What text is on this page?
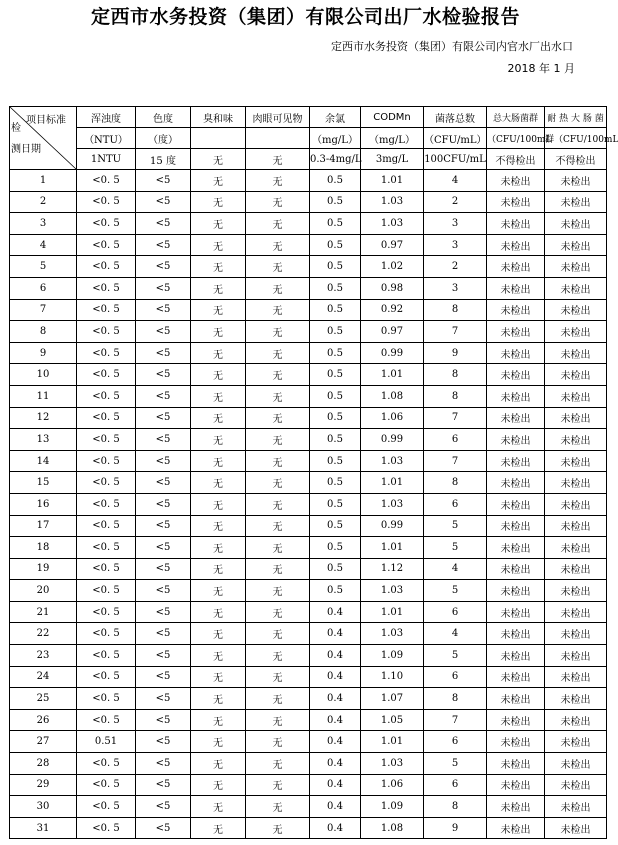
定西市水务投资（集团）有限公司出厂水检验报告
定西市水务投资（集团）有限公司内官水厂出水口
2018 年 1 月
项目标准
检
测日期	浑浊度	色度	臭和味	肉眼可见物	余氯	CODMn	菌落总数	总大肠菌群	耐 热 大 肠 菌
	（NTU）	（度）			（mg/L）	（mg/L）	（CFU/mL）	（CFU/100mL	群（CFU/100mL
	1NTU	15 度	无	无	0.3-4mg/L	3mg/L	100CFU/mL	不得检出	不得检出
1	<0. 5	<5	无	无	0.5	1.01	4	未检出	未检出
2	<0. 5	<5	无	无	0.5	1.03	2	未检出	未检出
3	<0. 5	<5	无	无	0.5	1.03	3	未检出	未检出
4	<0. 5	<5	无	无	0.5	0.97	3	未检出	未检出
5	<0. 5	<5	无	无	0.5	1.02	2	未检出	未检出
6	<0. 5	<5	无	无	0.5	0.98	3	未检出	未检出
7	<0. 5	<5	无	无	0.5	0.92	8	未检出	未检出
8	<0. 5	<5	无	无	0.5	0.97	7	未检出	未检出
9	<0. 5	<5	无	无	0.5	0.99	9	未检出	未检出
10	<0. 5	<5	无	无	0.5	1.01	8	未检出	未检出
11	<0. 5	<5	无	无	0.5	1.08	8	未检出	未检出
12	<0. 5	<5	无	无	0.5	1.06	7	未检出	未检出
13	<0. 5	<5	无	无	0.5	0.99	6	未检出	未检出
14	<0. 5	<5	无	无	0.5	1.03	7	未检出	未检出
15	<0. 5	<5	无	无	0.5	1.01	8	未检出	未检出
16	<0. 5	<5	无	无	0.5	1.03	6	未检出	未检出
17	<0. 5	<5	无	无	0.5	0.99	5	未检出	未检出
18	<0. 5	<5	无	无	0.5	1.01	5	未检出	未检出
19	<0. 5	<5	无	无	0.5	1.12	4	未检出	未检出
20	<0. 5	<5	无	无	0.5	1.03	5	未检出	未检出
21	<0. 5	<5	无	无	0.4	1.01	6	未检出	未检出
22	<0. 5	<5	无	无	0.4	1.03	4	未检出	未检出
23	<0. 5	<5	无	无	0.4	1.09	5	未检出	未检出
24	<0. 5	<5	无	无	0.4	1.10	6	未检出	未检出
25	<0. 5	<5	无	无	0.4	1.07	8	未检出	未检出
26	<0. 5	<5	无	无	0.4	1.05	7	未检出	未检出
27	0.51	<5	无	无	0.4	1.01	6	未检出	未检出
28	<0. 5	<5	无	无	0.4	1.03	5	未检出	未检出
29	<0. 5	<5	无	无	0.4	1.06	6	未检出	未检出
30	<0. 5	<5	无	无	0.4	1.09	8	未检出	未检出
31	<0. 5	<5	无	无	0.4	1.08	9	未检出	未检出
